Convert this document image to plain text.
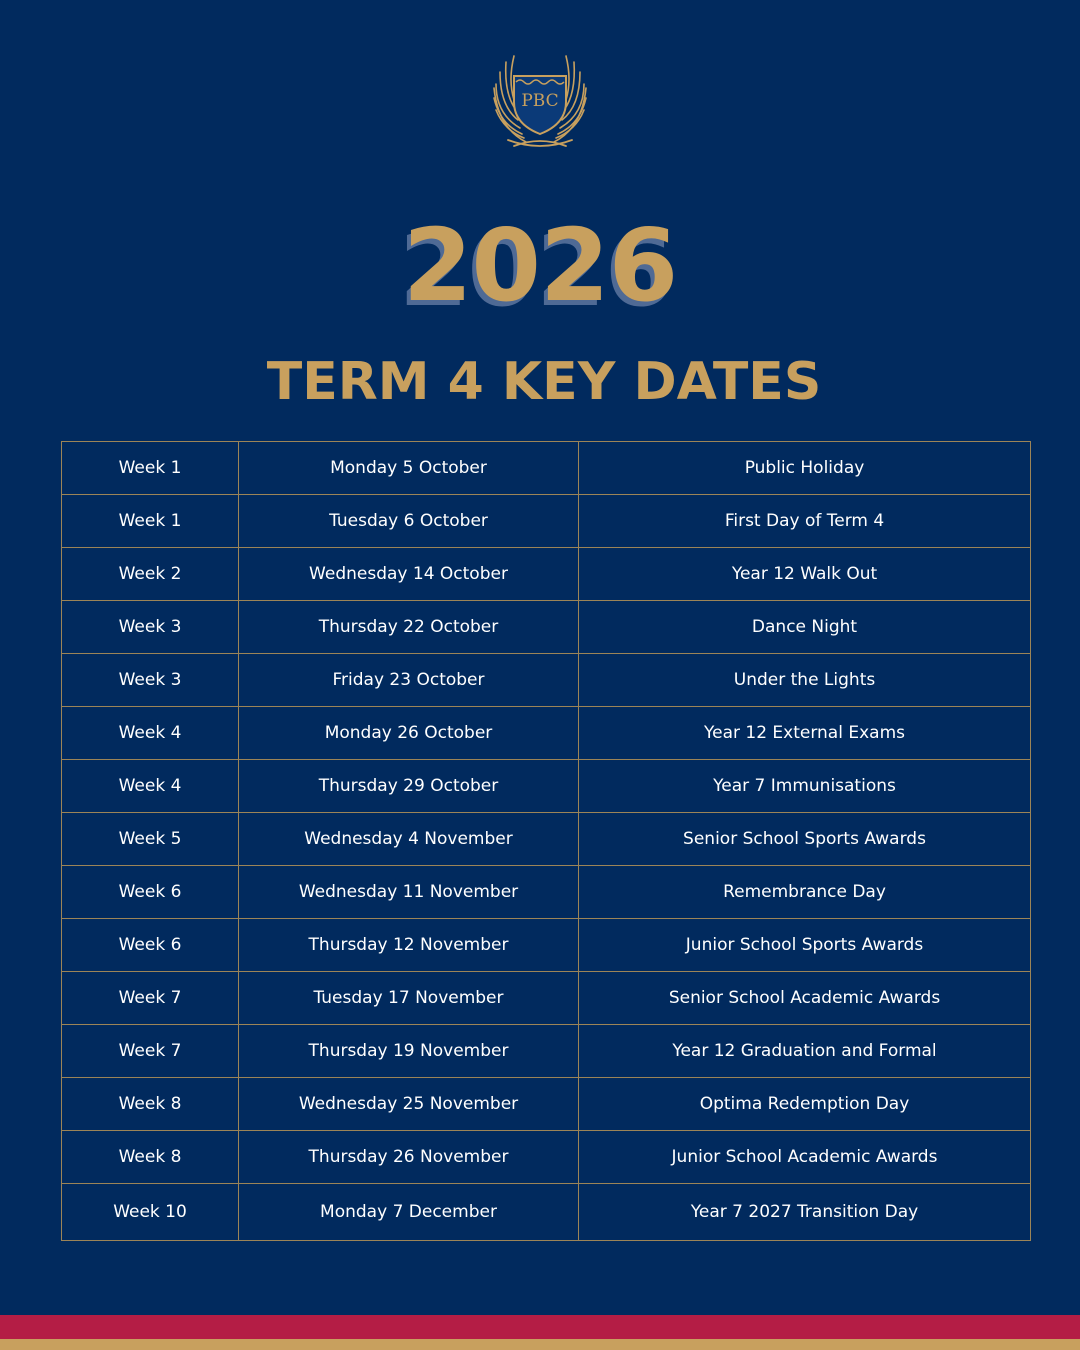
PBC
2026
TERM 4 KEY DATES
Week 1	Monday 5 October	Public Holiday
Week 1	Tuesday 6 October	First Day of Term 4
Week 2	Wednesday 14 October	Year 12 Walk Out
Week 3	Thursday 22 October	Dance Night
Week 3	Friday 23 October	Under the Lights
Week 4	Monday 26 October	Year 12 External Exams
Week 4	Thursday 29 October	Year 7 Immunisations
Week 5	Wednesday 4 November	Senior School Sports Awards
Week 6	Wednesday 11 November	Remembrance Day
Week 6	Thursday 12 November	Junior School Sports Awards
Week 7	Tuesday 17 November	Senior School Academic Awards
Week 7	Thursday 19 November	Year 12 Graduation and Formal
Week 8	Wednesday 25 November	Optima Redemption Day
Week 8	Thursday 26 November	Junior School Academic Awards
Week 10	Monday 7 December	Year 7 2027 Transition Day
